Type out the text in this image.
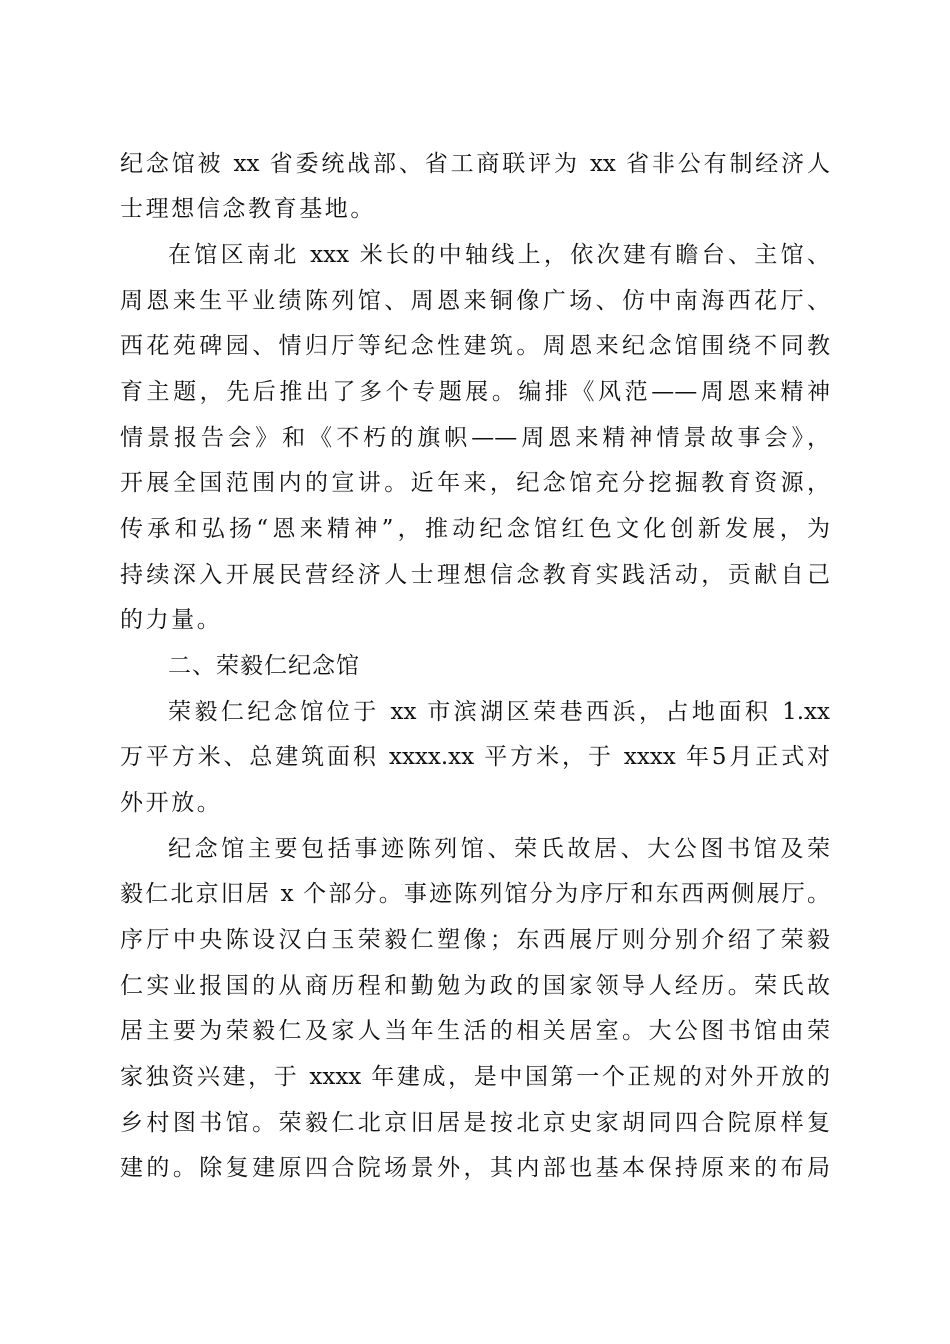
纪念馆被 xx 省委统战部、省工商联评为 xx 省非公有制经济人
士理想信念教育基地。
在馆区南北 xxx 米长的中轴线上，依次建有瞻台、主馆、
周恩来生平业绩陈列馆、周恩来铜像广场、仿中南海西花厅、
西花苑碑园、情归厅等纪念性建筑。周恩来纪念馆围绕不同教
育主题，先后推出了多个专题展。编排《风范——周恩来精神
情景报告会》和《不朽的旗帜——周恩来精神情景故事会》，
开展全国范围内的宣讲。近年来，纪念馆充分挖掘教育资源，
传承和弘扬“恩来精神”，推动纪念馆红色文化创新发展，为
持续深入开展民营经济人士理想信念教育实践活动，贡献自己
的力量。
二、荣毅仁纪念馆
荣毅仁纪念馆位于 xx 市滨湖区荣巷西浜，占地面积 1.xx
万平方米、总建筑面积 xxxx.xx 平方米，于 xxxx 年5月正式对
外开放。
纪念馆主要包括事迹陈列馆、荣氏故居、大公图书馆及荣
毅仁北京旧居 x 个部分。事迹陈列馆分为序厅和东西两侧展厅。
序厅中央陈设汉白玉荣毅仁塑像；东西展厅则分别介绍了荣毅
仁实业报国的从商历程和勤勉为政的国家领导人经历。荣氏故
居主要为荣毅仁及家人当年生活的相关居室。大公图书馆由荣
家独资兴建，于 xxxx 年建成，是中国第一个正规的对外开放的
乡村图书馆。荣毅仁北京旧居是按北京史家胡同四合院原样复
建的。除复建原四合院场景外，其内部也基本保持原来的布局
